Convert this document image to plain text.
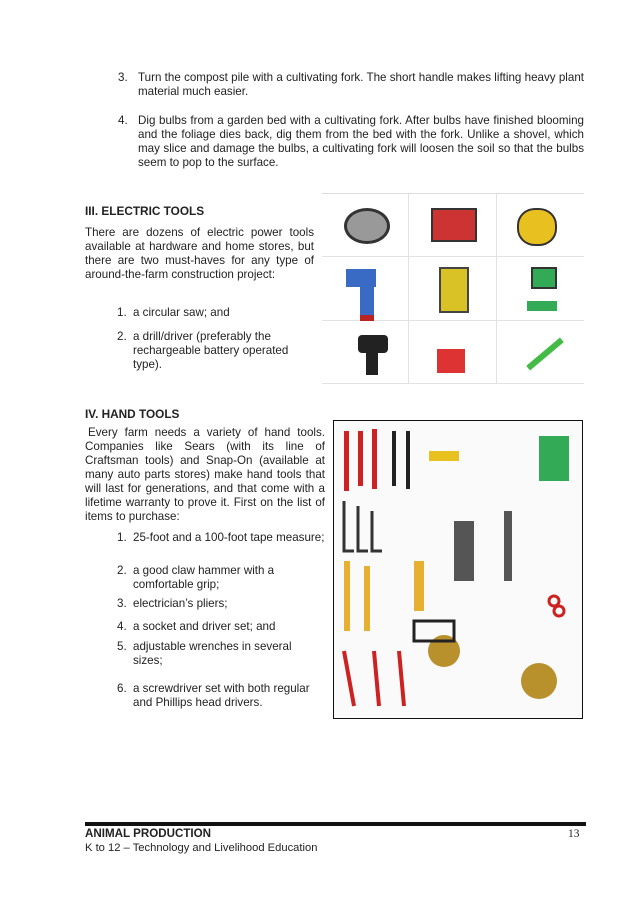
3. Turn the compost pile with a cultivating fork. The short handle makes lifting heavy plant material much easier.
4. Dig bulbs from a garden bed with a cultivating fork. After bulbs have finished blooming and the foliage dies back, dig them from the bed with the fork. Unlike a shovel, which may slice and damage the bulbs, a cultivating fork will loosen the soil so that the bulbs seem to pop to the surface.
III. ELECTRIC TOOLS
There are dozens of electric power tools available at hardware and home stores, but there are two must-haves for any type of around-the-farm construction project:
1. a circular saw; and
2. a drill/driver (preferably the rechargeable battery operated type).
IV. HAND TOOLS
Every farm needs a variety of hand tools. Companies like Sears (with its line of Craftsman tools) and Snap-On (available at many auto parts stores) make hand tools that will last for generations, and that come with a lifetime warranty to prove it. First on the list of items to purchase:
1. 25-foot and a 100-foot tape measure;
2. a good claw hammer with a comfortable grip;
3. electrician’s pliers;
4. a socket and driver set; and
5. adjustable wrenches in several sizes;
6. a screwdriver set with both regular and Phillips head drivers.
ANIMAL PRODUCTION
K to 12 – Technology and Livelihood Education
13
